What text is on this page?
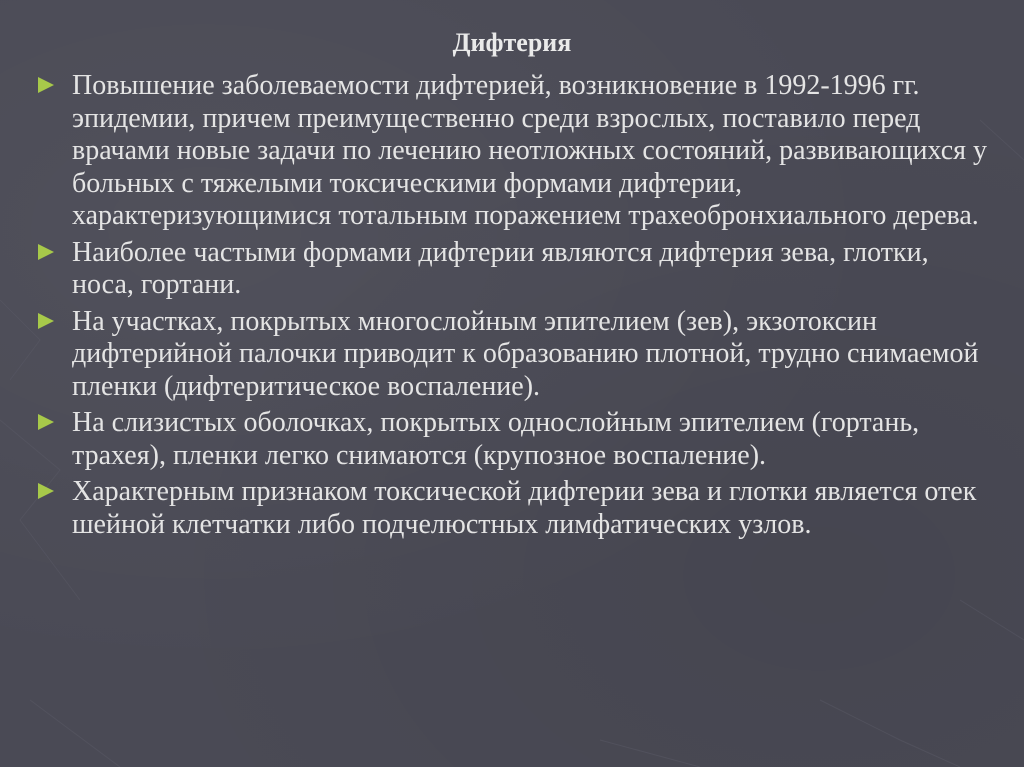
Дифтерия
Повышение заболеваемости дифтерией, возникновение в 1992-1996 гг. эпидемии, причем преимущественно среди взрослых, поставило перед врачами новые задачи по лечению неотложных состояний, развивающихся у больных с тяжелыми токсическими формами дифтерии, характеризующимися тотальным поражением трахеобронхиального дерева.
Наиболее частыми формами дифтерии являются дифтерия зева, глотки, носа, гортани.
На участках, покрытых многослойным эпителием (зев), экзотоксин дифтерийной палочки приводит к образованию плотной, трудно снимаемой пленки (дифтеритическое воспаление).
На слизистых оболочках, покрытых однослойным эпителием (гортань, трахея), пленки легко снимаются (крупозное воспаление).
Характерным признаком токсической дифтерии зева и глотки является отек шейной клетчатки либо подчелюстных лимфатических узлов.
